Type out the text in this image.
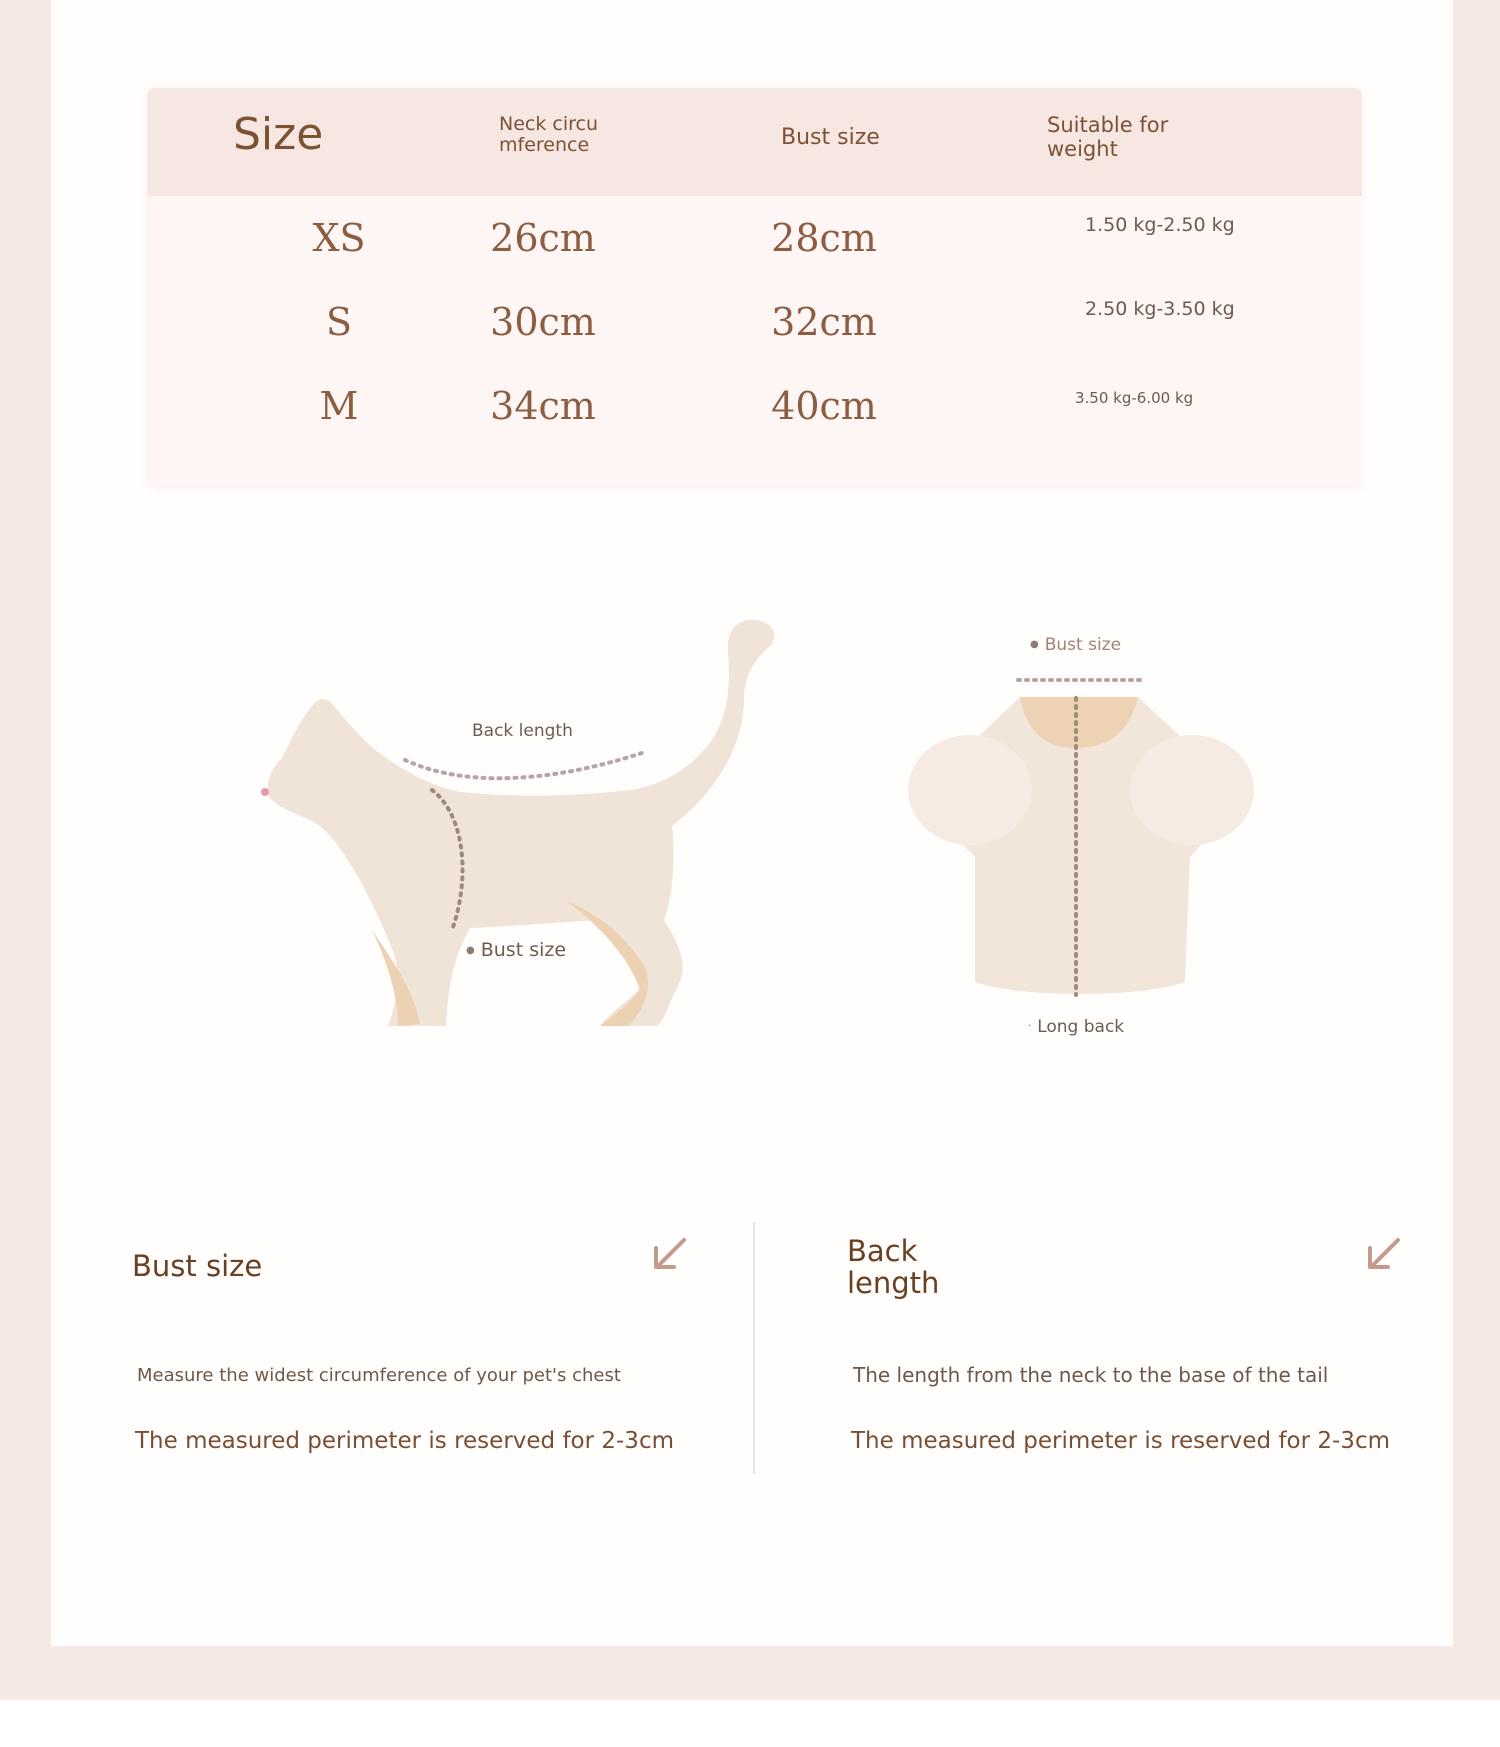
Size	Neck circu mference	Bust size	Suitable for weight
XS	26cm	28cm	1.50 kg-2.50 kg
S	30cm	32cm	2.50 kg-3.50 kg
M	34cm	40cm	3.50 kg-6.00 kg
Back length
● Bust size
● Bust size
· Long back
Bust size
Measure the widest circumference of your pet's chest
The measured perimeter is reserved for 2-3cm
Back length
The length from the neck to the base of the tail
The measured perimeter is reserved for 2-3cm
